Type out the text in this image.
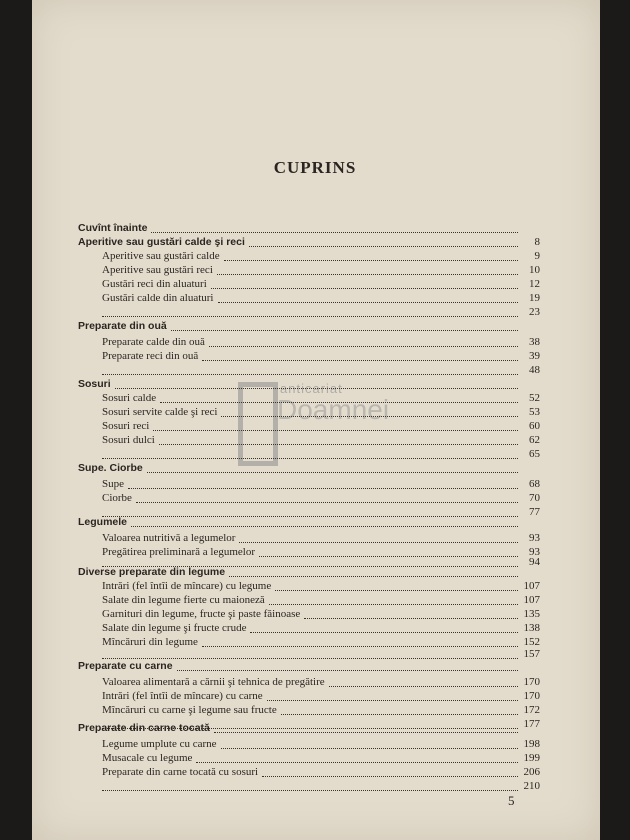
CUPRINS
anticariat
Doamnei
Cuvînt înainte
Aperitive sau gustări calde şi reci	8
Aperitive sau gustări calde	9
Aperitive sau gustări reci	10
Gustări reci din aluaturi	12
Gustări calde din aluaturi	19
23
Preparate din ouă
Preparate calde din ouă	38
Preparate reci din ouă	39
48
Sosuri
Sosuri calde	52
Sosuri servite calde şi reci	53
Sosuri reci	60
Sosuri dulci	62
65
Supe. Ciorbe
Supe	68
Ciorbe	70
77
Legumele
Valoarea nutritivă a legumelor	93
Pregătirea preliminară a legumelor	93
94
Diverse preparate din legume
Intrări (fel întîi de mîncare) cu legume	107
Salate din legume fierte cu maioneză	107
Garnituri din legume, fructe şi paste făinoase	135
Salate din legume şi fructe crude	138
Mîncăruri din legume	152
157
Preparate cu carne
Valoarea alimentară a cărnii şi tehnica de pregătire	170
Intrări (fel întîi de mîncare) cu carne	170
Mîncăruri cu carne şi legume sau fructe	172
177
Preparate din carne tocată
Legume umplute cu carne	198
Musacale cu legume	199
Preparate din carne tocată cu sosuri	206
210
5
